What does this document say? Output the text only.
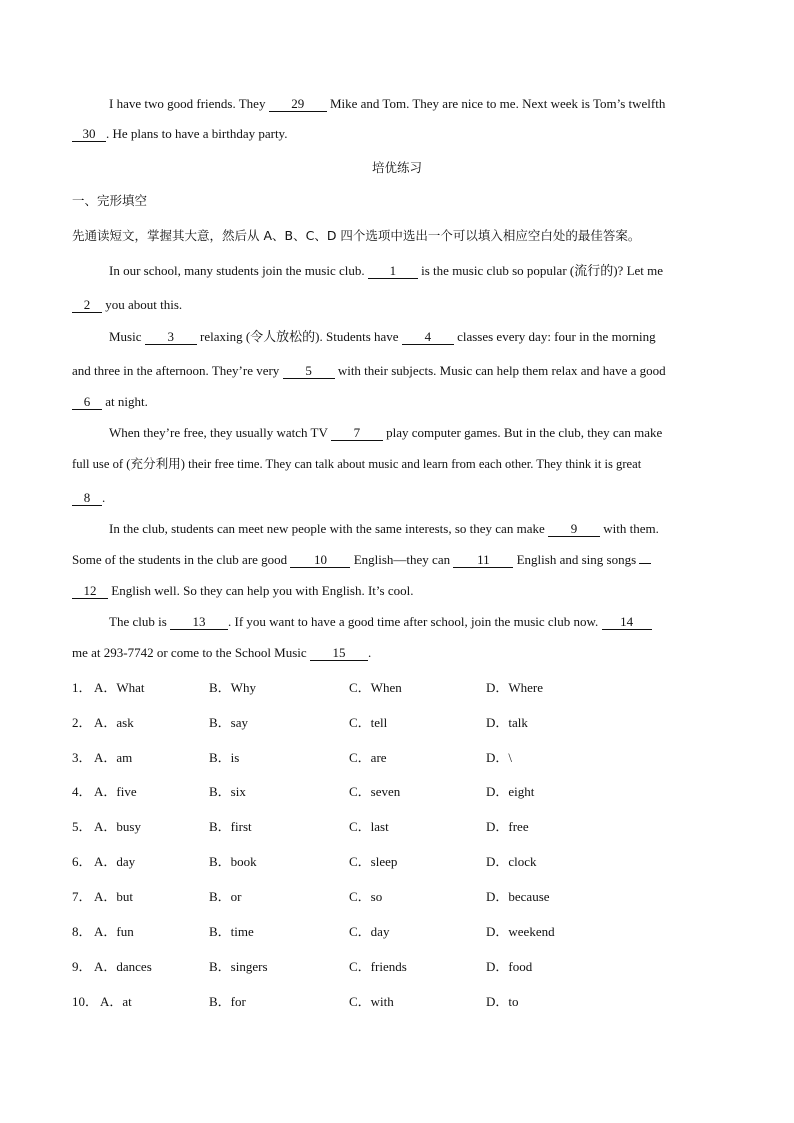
I have two good friends. They 29 Mike and Tom. They are nice to me. Next week is Tom’s twelfth
30 . He plans to have a birthday party.
培优练习
一、完形填空
先通读短文，掌握其大意，然后从 A、B、C、D 四个选项中选出一个可以填入相应空白处的最佳答案。
In our school, many students join the music club. 1 is the music club so popular (流行的)? Let me
2 you about this.
Music 3 relaxing (令人放松的). Students have 4 classes every day: four in the morning
and three in the afternoon. They’re very 5 with their subjects. Music can help them relax and have a good
6 at night.
When they’re free, they usually watch TV 7 play computer games. But in the club, they can make
full use of (充分利用) their free time. They can talk about music and learn from each other. They think it is great
8 .
In the club, students can meet new people with the same interests, so they can make 9 with them.
Some of the students in the club are good 10 English—they can 11 English and sing songs
12 English well. So they can help you with English. It’s cool.
The club is 13 . If you want to have a good time after school, join the music club now. 14
me at 293-7742 or come to the School Music 15 .
1． A．What	B．Why	C．When	D．Where
2． A．ask	B．say	C．tell	D．talk
3． A．am	B．is	C．are	D．\
4． A．five	B．six	C．seven	D．eight
5． A．busy	B．first	C．last	D．free
6． A．day	B．book	C．sleep	D．clock
7． A．but	B．or	C．so	D．because
8． A．fun	B．time	C．day	D．weekend
9． A．dances	B．singers	C．friends	D．food
10． A．at	B．for	C．with	D．to
